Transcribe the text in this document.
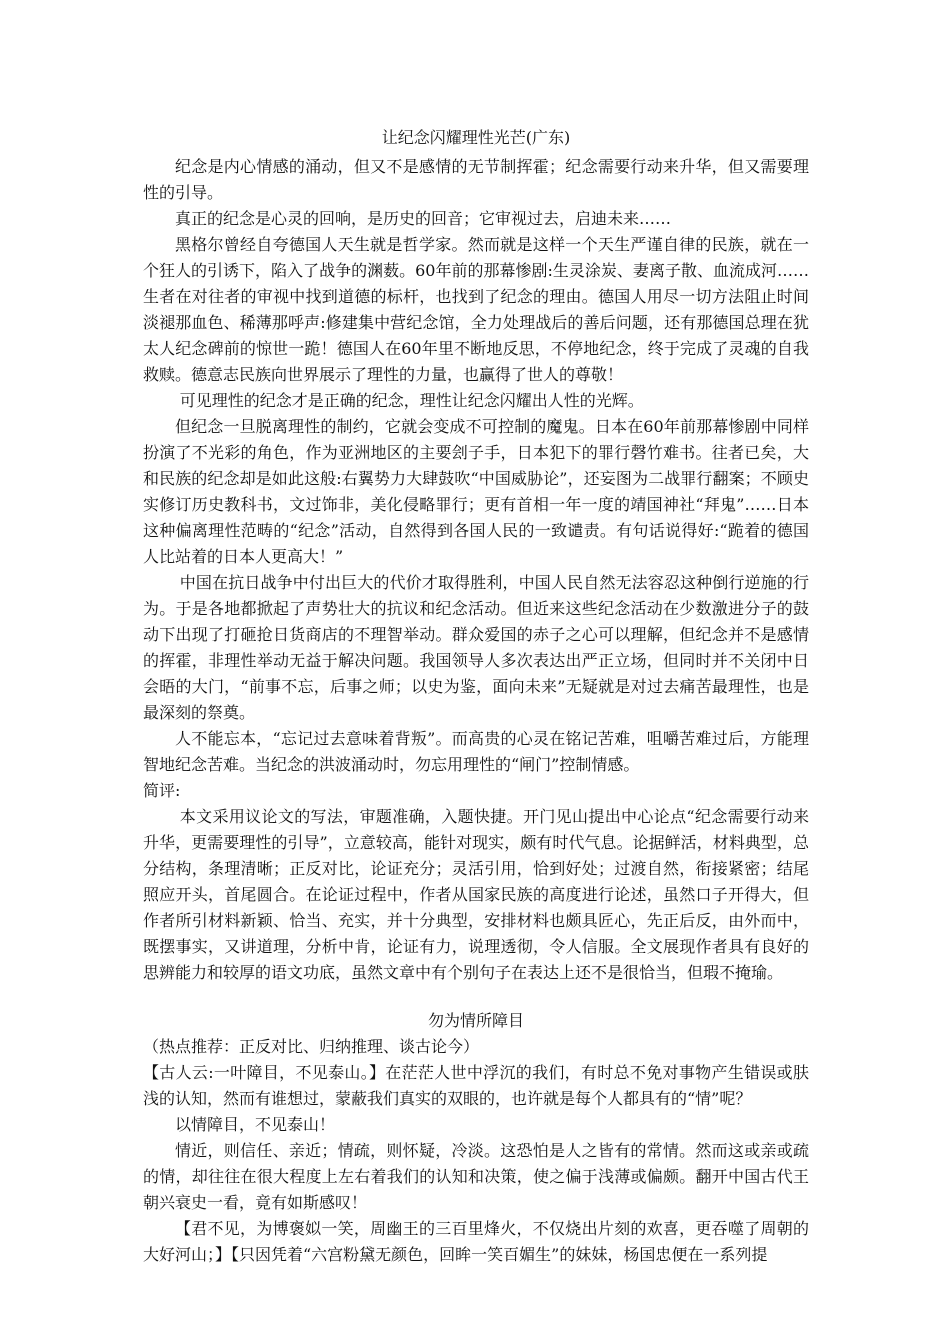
让纪念闪耀理性光芒(广东)

纪念是内心情感的涌动，但又不是感情的无节制挥霍；纪念需要行动来升华，但又需要理性的引导。

真正的纪念是心灵的回响，是历史的回音；它审视过去，启迪未来……

黑格尔曾经自夸德国人天生就是哲学家。然而就是这样一个天生严谨自律的民族，就在一个狂人的引诱下，陷入了战争的渊薮。60年前的那幕惨剧:生灵涂炭、妻离子散、血流成河……生者在对往者的审视中找到道德的标杆，也找到了纪念的理由。德国人用尽一切方法阻止时间淡褪那血色、稀薄那呼声:修建集中营纪念馆，全力处理战后的善后问题，还有那德国总理在犹太人纪念碑前的惊世一跪！德国人在60年里不断地反思，不停地纪念，终于完成了灵魂的自我救赎。德意志民族向世界展示了理性的力量，也赢得了世人的尊敬！

可见理性的纪念才是正确的纪念，理性让纪念闪耀出人性的光辉。

但纪念一旦脱离理性的制约，它就会变成不可控制的魔鬼。日本在60年前那幕惨剧中同样扮演了不光彩的角色，作为亚洲地区的主要刽子手，日本犯下的罪行磬竹难书。往者已矣，大和民族的纪念却是如此这般:右翼势力大肆鼓吹“中国威胁论”，还妄图为二战罪行翻案；不顾史实修订历史教科书，文过饰非，美化侵略罪行；更有首相一年一度的靖国神社“拜鬼”……日本这种偏离理性范畴的“纪念”活动，自然得到各国人民的一致谴责。有句话说得好:“跪着的德国人比站着的日本人更高大！”

中国在抗日战争中付出巨大的代价才取得胜利，中国人民自然无法容忍这种倒行逆施的行为。于是各地都掀起了声势壮大的抗议和纪念活动。但近来这些纪念活动在少数激进分子的鼓动下出现了打砸抢日货商店的不理智举动。群众爱国的赤子之心可以理解，但纪念并不是感情的挥霍，非理性举动无益于解决问题。我国领导人多次表达出严正立场，但同时并不关闭中日会晤的大门，“前事不忘，后事之师；以史为鉴，面向未来”无疑就是对过去痛苦最理性，也是最深刻的祭奠。

人不能忘本，“忘记过去意味着背叛”。而高贵的心灵在铭记苦难，咀嚼苦难过后，方能理智地纪念苦难。当纪念的洪波涌动时，勿忘用理性的“闸门”控制情感。

简评:

本文采用议论文的写法，审题准确，入题快捷。开门见山提出中心论点“纪念需要行动来升华，更需要理性的引导”，立意较高，能针对现实，颇有时代气息。论据鲜活，材料典型，总分结构，条理清晰；正反对比，论证充分；灵活引用，恰到好处；过渡自然，衔接紧密；结尾照应开头，首尾圆合。在论证过程中，作者从国家民族的高度进行论述，虽然口子开得大，但作者所引材料新颖、恰当、充实，并十分典型，安排材料也颇具匠心，先正后反，由外而中，既摆事实，又讲道理，分析中肯，论证有力，说理透彻，令人信服。全文展现作者具有良好的思辨能力和较厚的语文功底，虽然文章中有个别句子在表达上还不是很恰当，但瑕不掩瑜。

勿为情所障目

（热点推荐：正反对比、归纳推理、谈古论今）

【古人云:一叶障目，不见泰山。】在茫茫人世中浮沉的我们，有时总不免对事物产生错误或肤浅的认知，然而有谁想过，蒙蔽我们真实的双眼的，也许就是每个人都具有的“情”呢？

以情障目，不见泰山！

情近，则信任、亲近；情疏，则怀疑，冷淡。这恐怕是人之皆有的常情。然而这或亲或疏的情，却往往在很大程度上左右着我们的认知和决策，使之偏于浅薄或偏颇。翻开中国古代王朝兴衰史一看，竟有如斯感叹！

【君不见，为博褒姒一笑，周幽王的三百里烽火，不仅烧出片刻的欢喜，更吞噬了周朝的大好河山；】【只因凭着“六宫粉黛无颜色，回眸一笑百媚生”的妹妹，杨国忠便在一系列提
